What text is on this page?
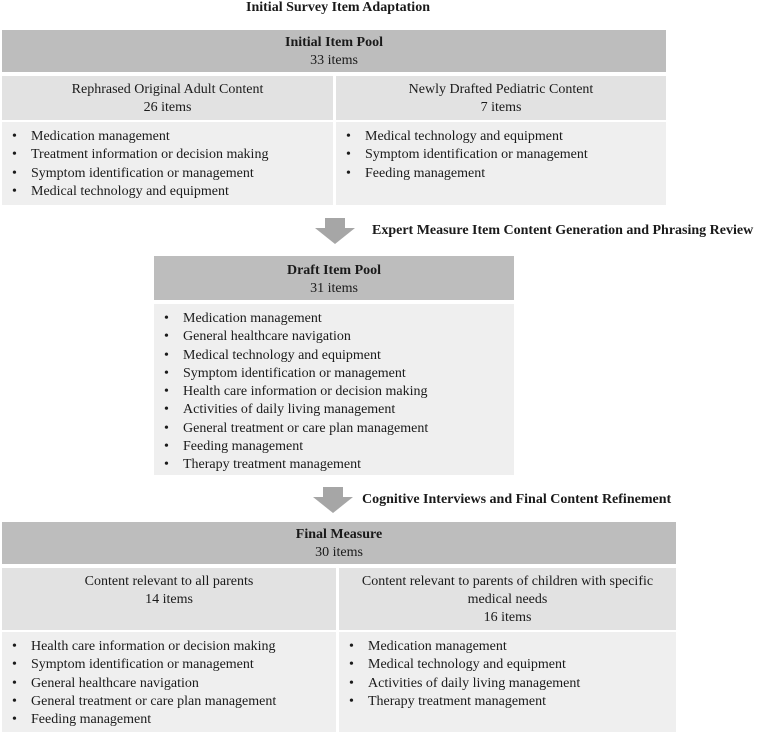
Initial Survey Item Adaptation
Initial Item Pool
33 items
Rephrased Original Adult Content
26 items
Newly Drafted Pediatric Content
7 items
• Medication management
• Treatment information or decision making
• Symptom identification or management
• Medical technology and equipment
• Medical technology and equipment
• Symptom identification or management
• Feeding management
Expert Measure Item Content Generation and Phrasing Review
Draft Item Pool
31 items
• Medication management
• General healthcare navigation
• Medical technology and equipment
• Symptom identification or management
• Health care information or decision making
• Activities of daily living management
• General treatment or care plan management
• Feeding management
• Therapy treatment management
Cognitive Interviews and Final Content Refinement
Final Measure
30 items
Content relevant to all parents
14 items
Content relevant to parents of children with specific
medical needs
16 items
• Health care information or decision making
• Symptom identification or management
• General healthcare navigation
• General treatment or care plan management
• Feeding management
• Medication management
• Medical technology and equipment
• Activities of daily living management
• Therapy treatment management
